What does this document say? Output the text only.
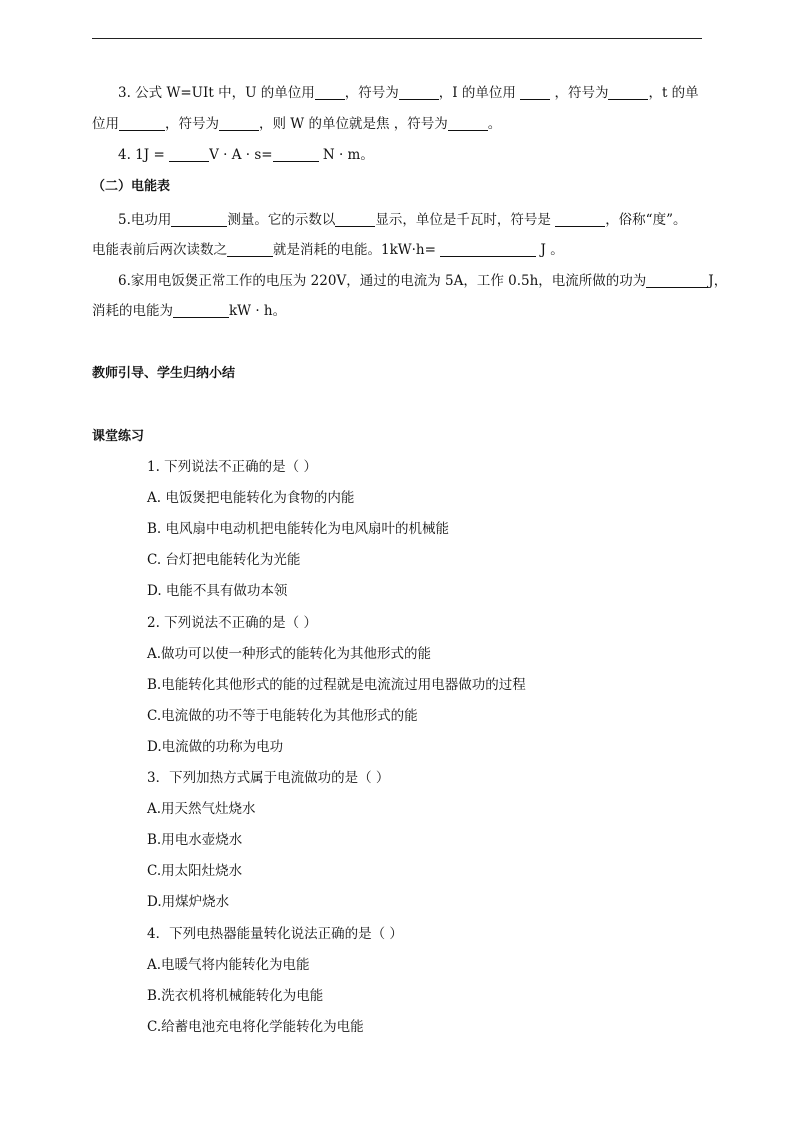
3. 公式 W=UIt 中，U 的单位用 ，符号为	，I 的单位用  ，符号为	，t 的单
位用	，符号为	，则 W 的单位就是焦 ，符号为	。
4. 1J =	V · A · s=	N · m。
（二）电能表
5.电功用	测量。它的示数以	显示，单位是千瓦时，符号是	，俗称“度”。
电能表前后两次读数之	就是消耗的电能。1kW·h=	J 。
6.家用电饭煲正常工作的电压为 220V，通过的电流为 5A，工作 0.5h，电流所做的功为	J，
消耗的电能为	kW · h。
教师引导、学生归纳小结
课堂练习
1. 下列说法不正确的是（ ）
A. 电饭煲把电能转化为食物的内能
B. 电风扇中电动机把电能转化为电风扇叶的机械能
C. 台灯把电能转化为光能
D. 电能不具有做功本领
2. 下列说法不正确的是（ ）
A.做功可以使一种形式的能转化为其他形式的能
B.电能转化其他形式的能的过程就是电流流过用电器做功的过程
C.电流做的功不等于电能转化为其他形式的能
D.电流做的功称为电功
3．下列加热方式属于电流做功的是（ ）
A.用天然气灶烧水
B.用电水壶烧水
C.用太阳灶烧水
D.用煤炉烧水
4．下列电热器能量转化说法正确的是（ ）
A.电暖气将内能转化为电能
B.洗衣机将机械能转化为电能
C.给蓄电池充电将化学能转化为电能
